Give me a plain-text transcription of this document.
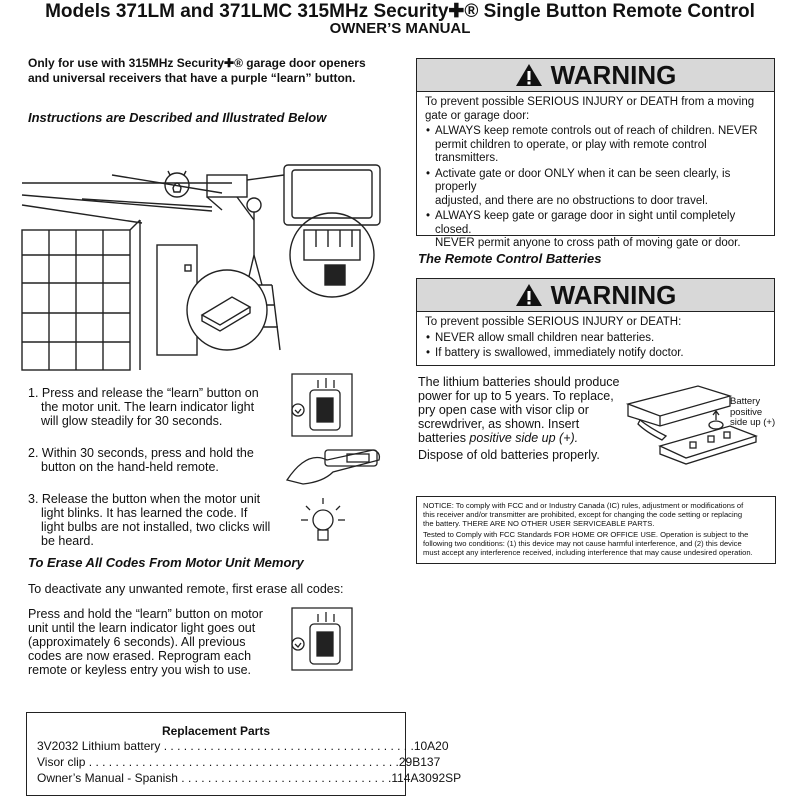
Models 371LM and 371LMC 315MHz Security✚® Single Button Remote Control
OWNER’S MANUAL
Only for use with 315MHz Security✚® garage door openers
and universal receivers that have a purple “learn” button.
Instructions are Described and Illustrated Below
1. Press and release the “learn” button on
the motor unit. The learn indicator light
will glow steadily for 30 seconds.
2. Within 30 seconds, press and hold the
button on the hand-held remote.
3. Release the button when the motor unit
light blinks. It has learned the code. If
light bulbs are not installed, two clicks will
be heard.
To Erase All Codes From Motor Unit Memory
To deactivate any unwanted remote, first erase all codes:
Press and hold the “learn” button on motor
unit until the learn indicator light goes out
(approximately 6 seconds). All previous
codes are now erased. Reprogram each
remote or keyless entry you wish to use.
Replacement Parts
3V2032 Lithium battery . . . . . . . . . . . . . . . . . . . . . . . . . . . . . . . . . . . . . . 10A20
Visor clip . . . . . . . . . . . . . . . . . . . . . . . . . . . . . . . . . . . . . . . . . . . . . . . 29B137
Owner’s Manual - Spanish . . . . . . . . . . . . . . . . . . . . . . . . . . . . . . . . 114A3092SP
WARNING
To prevent possible SERIOUS INJURY or DEATH from a moving
gate or garage door:
• ALWAYS keep remote controls out of reach of children. NEVER
permit children to operate, or play with remote control
transmitters.
• Activate gate or door ONLY when it can be seen clearly, is properly
adjusted, and there are no obstructions to door travel.
• ALWAYS keep gate or garage door in sight until completely closed.
NEVER permit anyone to cross path of moving gate or door.
The Remote Control Batteries
WARNING
To prevent possible SERIOUS INJURY or DEATH:
• NEVER allow small children near batteries.
• If battery is swallowed, immediately notify doctor.
The lithium batteries should produce
power for up to 5 years. To replace,
pry open case with visor clip or
screwdriver, as shown. Insert
batteries positive side up (+).
Dispose of old batteries properly.
Battery
positive
side up (+)

NOTICE: To comply with FCC and or Industry Canada (IC) rules, adjustment or modifications of
this receiver and/or transmitter are prohibited, except for changing the code setting or replacing
the battery. THERE ARE NO OTHER USER SERVICEABLE PARTS.

Tested to Comply with FCC Standards FOR HOME OR OFFICE USE. Operation is subject to the
following two conditions: (1) this device may not cause harmful interference, and (2) this device
must accept any interference received, including interference that may cause undesired operation.
